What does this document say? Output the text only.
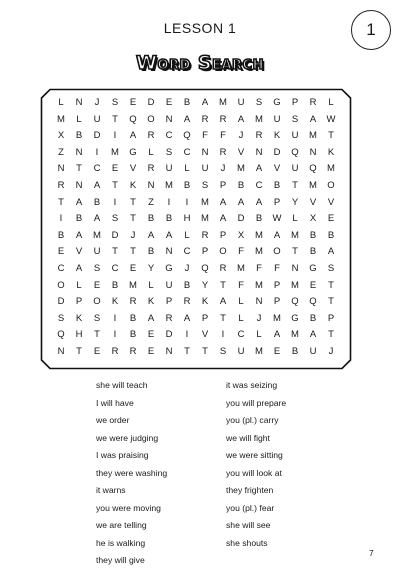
LESSON 1	1
Word Search
L	N	J	S	E	D	E	B	A	M	U	S	G	P	R	L
M	L	U	T	Q	O	N	A	R	R	A	M	U	S	A	W
X	B	D	I	A	R	C	Q	F	F	J	R	K	U	M	T
Z	N	I	M	G	L	S	C	N	R	V	N	D	Q	N	K
N	T	C	E	V	R	U	L	U	J	M	A	V	U	Q	M
R	N	A	T	K	N	M	B	S	P	B	C	B	T	M	O
T	A	B	I	T	Z	I	I	M	A	A	A	P	Y	V	V
I	B	A	S	T	B	B	H	M	A	D	B	W	L	X	E
B	A	M	D	J	A	A	L	R	P	X	M	A	M	B	B
E	V	U	T	T	B	N	C	P	O	F	M	O	T	B	A
C	A	S	C	E	Y	G	J	Q	R	M	F	F	N	G	S
O	L	E	B	M	L	U	B	Y	T	F	M	P	M	E	T
D	P	O	K	R	K	P	R	K	A	L	N	P	Q	Q	T
S	K	S	I	B	A	R	A	P	T	L	J	M	G	B	P
Q	H	T	I	B	E	D	I	V	I	C	L	A	M	A	T
N	T	E	R	R	E	N	T	T	S	U	M	E	B	U	J
she will teach
I will have
we order
we were judging
I was praising
they were washing
it warns
you were moving
we are telling
he is walking
they will give
it was seizing
you will prepare
you (pl.) carry
we will fight
we were sitting
you will look at
they frighten
you (pl.) fear
she will see
she shouts
7
